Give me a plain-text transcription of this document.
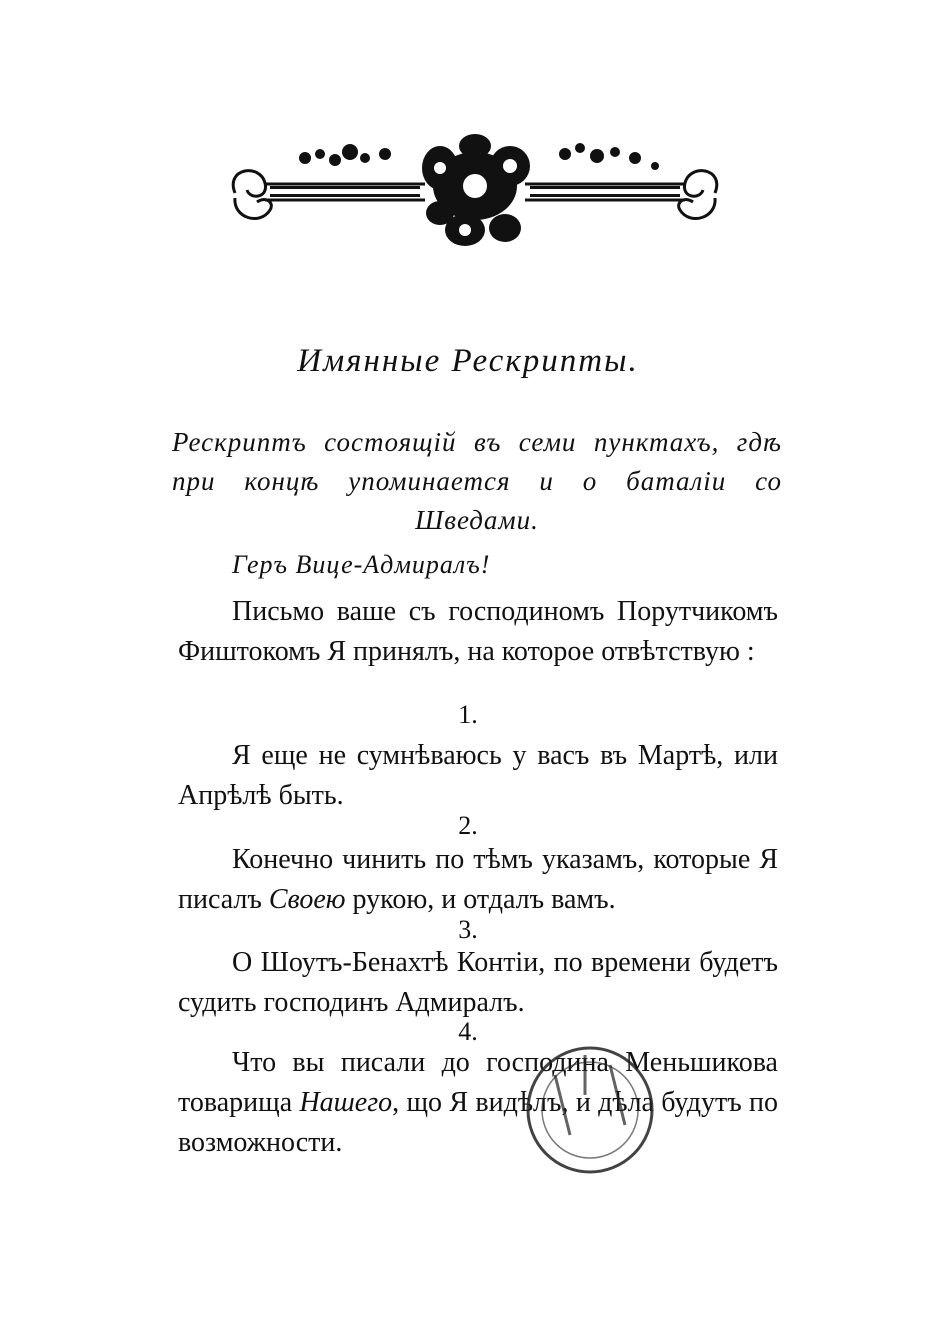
Имянные Рескрипты.
Рескриптъ состоящій въ семи пунктахъ, гдѣ при концѣ упоминается и о баталіи со Шведами.
Геръ Вице-Адмиралъ!
Письмо ваше съ господиномъ Порутчикомъ Фиштокомъ Я принялъ, на которое отвѣтствую :
1.
Я еще не сумнѣваюсь у васъ въ Мартѣ, или Апрѣлѣ быть.
2.
Конечно чинить по тѣмъ указамъ, которые Я писалъ Своею рукою, и отдалъ вамъ.
3.
О Шоутъ-Бенахтѣ Контіи, по времени будетъ судить господинъ Адмиралъ.
4.
Что вы писали до господина Меньшикова товарища Нашего, що Я видѣлъ, и дѣла будутъ по возможности.
